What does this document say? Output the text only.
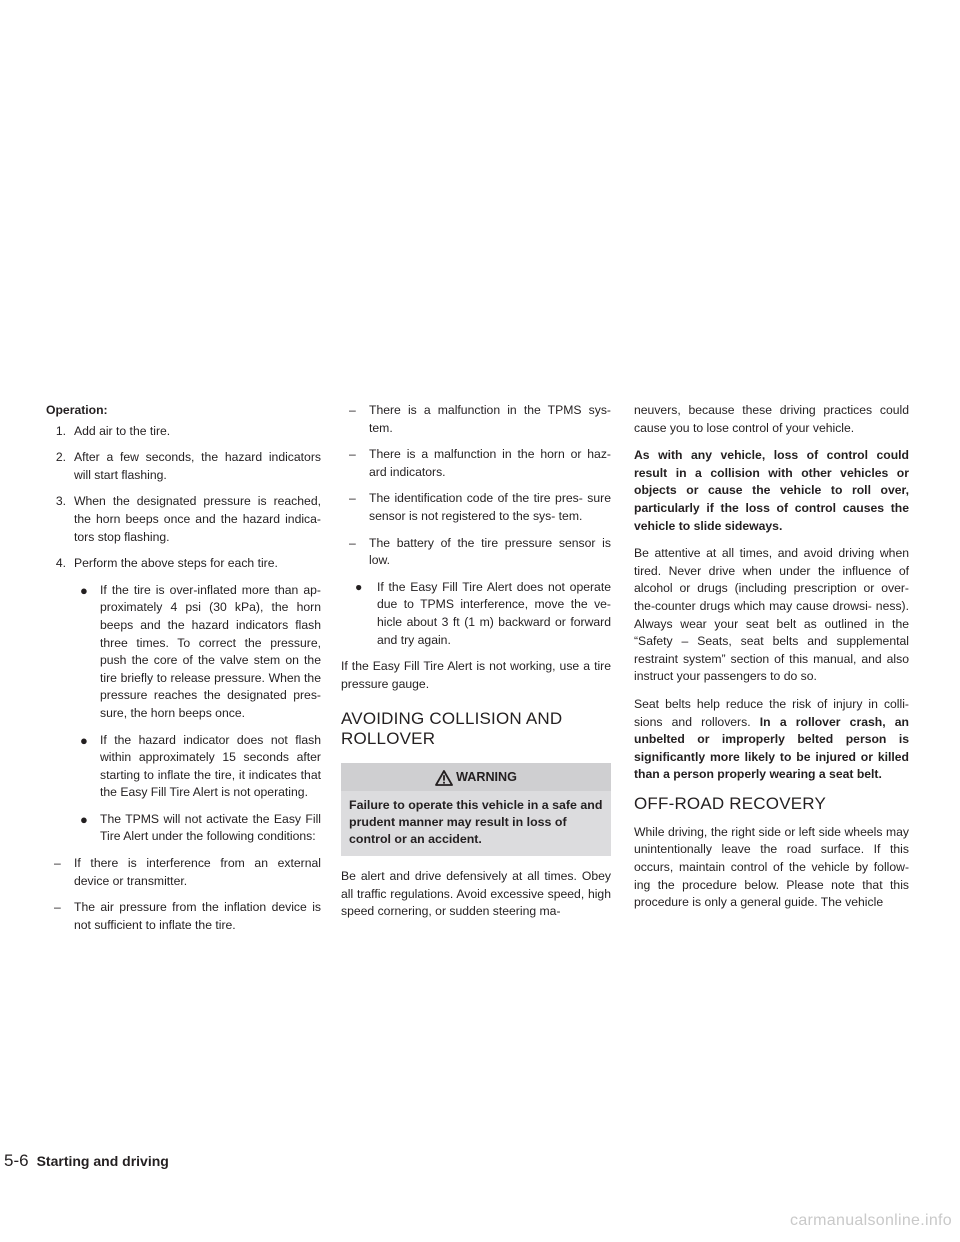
Operation:
1. Add air to the tire.
2. After a few seconds, the hazard indicators will start flashing.
3. When the designated pressure is reached, the horn beeps once and the hazard indica- tors stop flashing.
4. Perform the above steps for each tire.
● If the tire is over-inflated more than ap- proximately 4 psi (30 kPa), the horn beeps and the hazard indicators flash three times. To correct the pressure, push the core of the valve stem on the tire briefly to release pressure. When the pressure reaches the designated pres- sure, the horn beeps once.
● If the hazard indicator does not flash within approximately 15 seconds after starting to inflate the tire, it indicates that the Easy Fill Tire Alert is not operating.
● The TPMS will not activate the Easy Fill Tire Alert under the following conditions:
– If there is interference from an external device or transmitter.
– The air pressure from the inflation device is not sufficient to inflate the tire.
– There is a malfunction in the TPMS sys- tem.
– There is a malfunction in the horn or haz- ard indicators.
– The identification code of the tire pres- sure sensor is not registered to the sys- tem.
– The battery of the tire pressure sensor is low.
● If the Easy Fill Tire Alert does not operate due to TPMS interference, move the ve- hicle about 3 ft (1 m) backward or forward and try again.

If the Easy Fill Tire Alert is not working, use a tire pressure gauge.

AVOIDING COLLISION AND
ROLLOVER
WARNING
Failure to operate this vehicle in a safe and prudent manner may result in loss of control or an accident.

Be alert and drive defensively at all times. Obey all traffic regulations. Avoid excessive speed, high speed cornering, or sudden steering ma-

neuvers, because these driving practices could cause you to lose control of your vehicle.

As with any vehicle, loss of control could result in a collision with other vehicles or objects or cause the vehicle to roll over, particularly if the loss of control causes the vehicle to slide sideways.

Be attentive at all times, and avoid driving when tired. Never drive when under the influence of alcohol or drugs (including prescription or over- the-counter drugs which may cause drowsi- ness). Always wear your seat belt as outlined in the “Safety – Seats, seat belts and supplemental restraint system” section of this manual, and also instruct your passengers to do so.

Seat belts help reduce the risk of injury in colli- sions and rollovers. In a rollover crash, an unbelted or improperly belted person is significantly more likely to be injured or killed than a person properly wearing a seat belt.

OFF-ROAD RECOVERY

While driving, the right side or left side wheels may unintentionally leave the road surface. If this occurs, maintain control of the vehicle by follow- ing the procedure below. Please note that this procedure is only a general guide. The vehicle

5-6 Starting and driving
carmanualsonline.info
